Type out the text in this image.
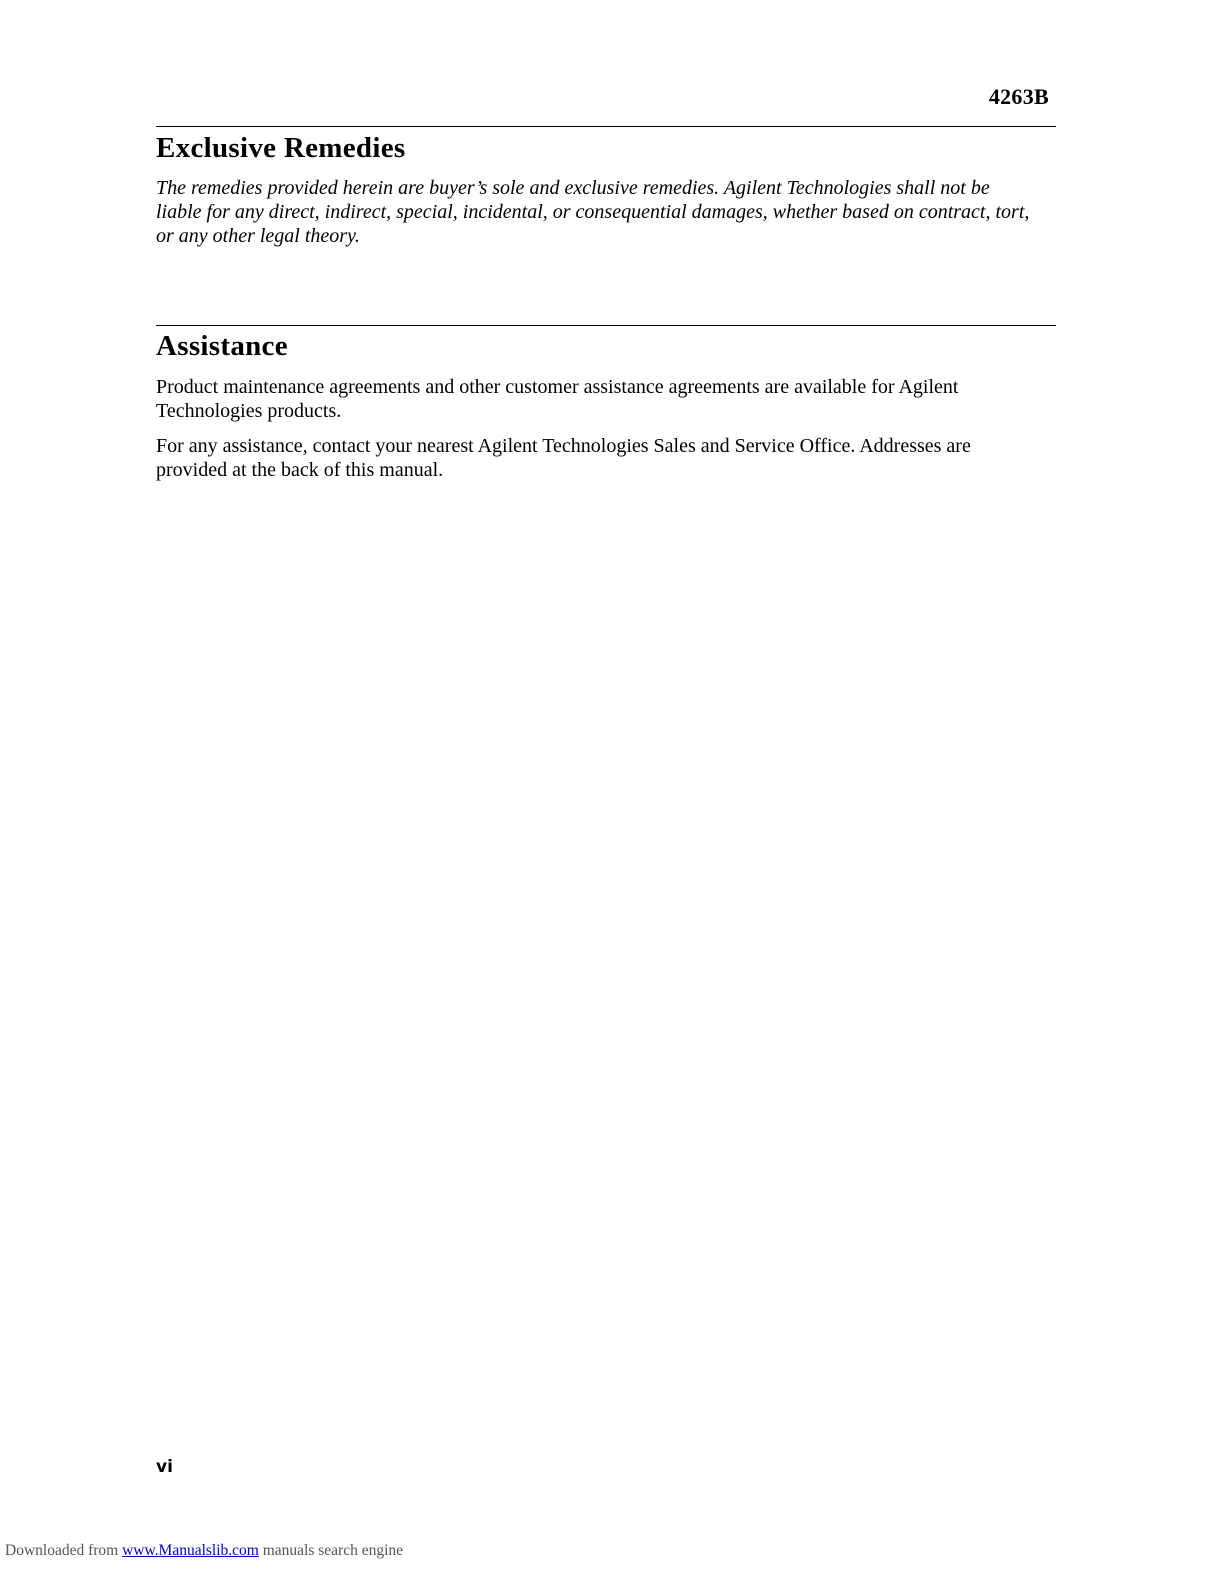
4263B
Exclusive Remedies

The remedies provided herein are buyer’s sole and exclusive remedies. Agilent Technologies shall not be liable for any direct, indirect, special, incidental, or consequential damages, whether based on contract, tort, or any other legal theory.

Assistance

Product maintenance agreements and other customer assistance agreements are available for Agilent Technologies products.

For any assistance, contact your nearest Agilent Technologies Sales and Service Office. Addresses are provided at the back of this manual.

vi
Downloaded from www.Manualslib.com manuals search engine
